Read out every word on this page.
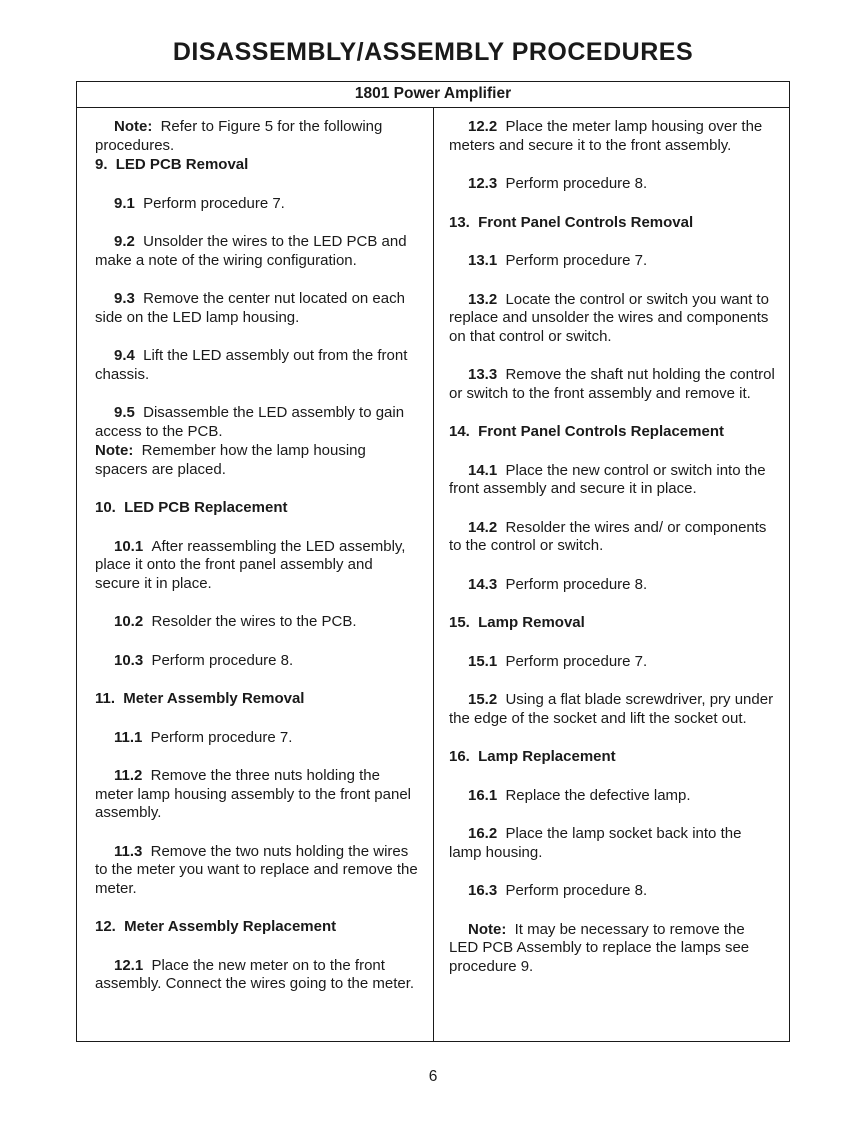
DISASSEMBLY/ASSEMBLY PROCEDURES
1801 Power Amplifier

Note: Refer to Figure 5 for the following procedures.

9. LED PCB Removal

9.1 Perform procedure 7.

9.2 Unsolder the wires to the LED PCB and make a note of the wiring configuration.

9.3 Remove the center nut located on each side on the LED lamp housing.

9.4 Lift the LED assembly out from the front chassis.

9.5 Disassemble the LED assembly to gain access to the PCB.

Note: Remember how the lamp housing spacers are placed.

10. LED PCB Replacement

10.1 After reassembling the LED assembly, place it onto the front panel assembly and secure it in place.

10.2 Resolder the wires to the PCB.

10.3 Perform procedure 8.

11. Meter Assembly Removal

11.1 Perform procedure 7.

11.2 Remove the three nuts holding the meter lamp housing assembly to the front panel assembly.

11.3 Remove the two nuts holding the wires to the meter you want to replace and remove the meter.

12. Meter Assembly Replacement

12.1 Place the new meter on to the front assembly. Connect the wires going to the meter.

12.2 Place the meter lamp housing over the meters and secure it to the front assembly.

12.3 Perform procedure 8.

13. Front Panel Controls Removal

13.1 Perform procedure 7.

13.2 Locate the control or switch you want to replace and unsolder the wires and components on that control or switch.

13.3 Remove the shaft nut holding the control or switch to the front assembly and remove it.

14. Front Panel Controls Replacement

14.1 Place the new control or switch into the front assembly and secure it in place.

14.2 Resolder the wires and/ or components to the control or switch.

14.3 Perform procedure 8.

15. Lamp Removal

15.1 Perform procedure 7.

15.2 Using a flat blade screwdriver, pry under the edge of the socket and lift the socket out.

16. Lamp Replacement

16.1 Replace the defective lamp.

16.2 Place the lamp socket back into the lamp housing.

16.3 Perform procedure 8.

Note: It may be necessary to remove the LED PCB Assembly to replace the lamps see procedure 9.

6
